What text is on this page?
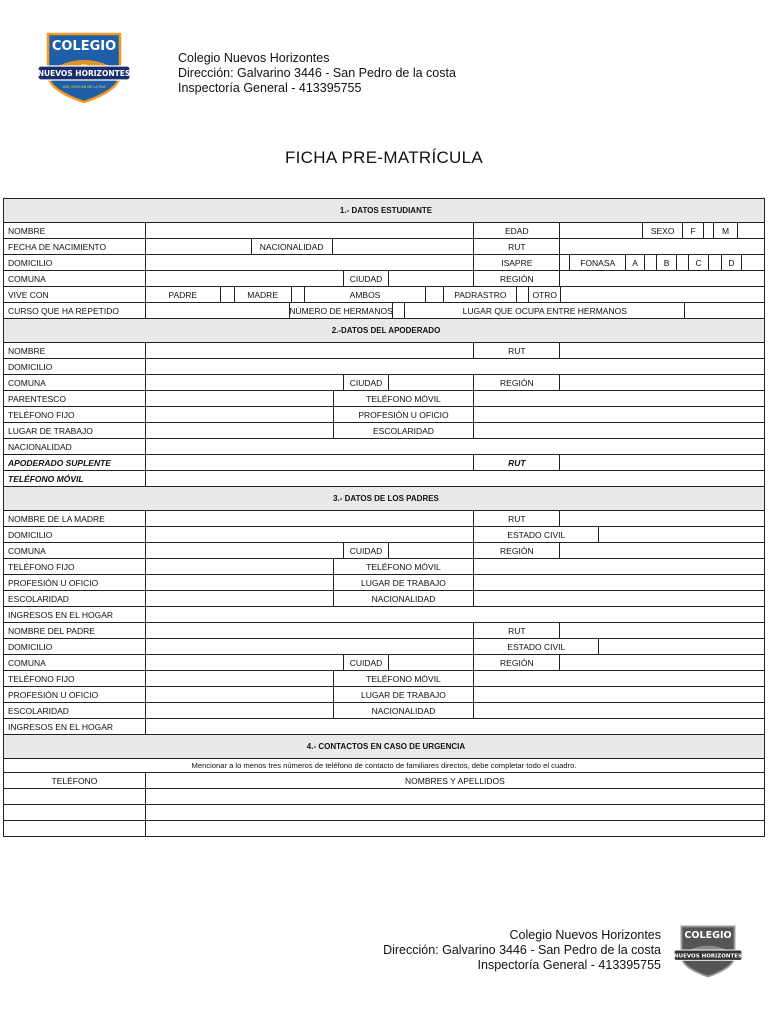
COLEGIO
NUEVOS HORIZONTES
LUZ, ROSCAN DE LA PAZ
Colegio Nuevos Horizontes
Dirección: Galvarino 3446 - San Pedro de la costa
Inspectoría General - 413395755
FICHA PRE-MATRÍCULA
1.- DATOS ESTUDIANTE
NOMBRE	EDAD	SEXO	F	M
FECHA DE NACIMIENTO	NACIONALIDAD	RUT
DOMICILIO	ISAPRE	FONASA	A	B	C	D
COMUNA	CIUDAD	REGIÓN
VIVE CON	PADRE	MADRE	AMBOS	PADRASTRO	OTRO
CURSO QUE HA REPETIDO	NÚMERO DE HERMANOS	LUGAR QUE OCUPA ENTRE HERMANOS
2.-DATOS DEL APODERADO
NOMBRE	RUT
DOMICILIO
COMUNA	CIUDAD	REGIÓN
PARENTESCO	TELÉFONO MÓVIL
TELÉFONO FIJO	PROFESIÓN U OFICIO
LUGAR DE TRABAJO	ESCOLARIDAD
NACIONALIDAD
APODERADO SUPLENTE	RUT
TELÉFONO MÓVIL
3.- DATOS DE LOS PADRES
NOMBRE DE LA MADRE	RUT
DOMICILIO	ESTADO CIVIL
COMUNA	CUIDAD	REGIÓN
TELÉFONO FIJO	TELÉFONO MÓVIL
PROFESIÓN U OFICIO	LUGAR DE TRABAJO
ESCOLARIDAD	NACIONALIDAD
INGRESOS EN EL HOGAR
NOMBRE DEL PADRE	RUT
DOMICILIO	ESTADO CIVIL
COMUNA	CUIDAD	REGIÓN
TELÉFONO FIJO	TELÉFONO MÓVIL
PROFESIÓN U OFICIO	LUGAR DE TRABAJO
ESCOLARIDAD	NACIONALIDAD
INGRESOS EN EL HOGAR
4.- CONTACTOS EN CASO DE URGENCIA
Mencionar a lo menos tres números de teléfono de contacto de familiares directos, debe completar todo el cuadro.
TELÉFONO	NOMBRES Y APELLIDOS
Colegio Nuevos Horizontes
Dirección: Galvarino 3446 - San Pedro de la costa
Inspectoría General - 413395755
COLEGIO
NUEVOS HORIZONTES
